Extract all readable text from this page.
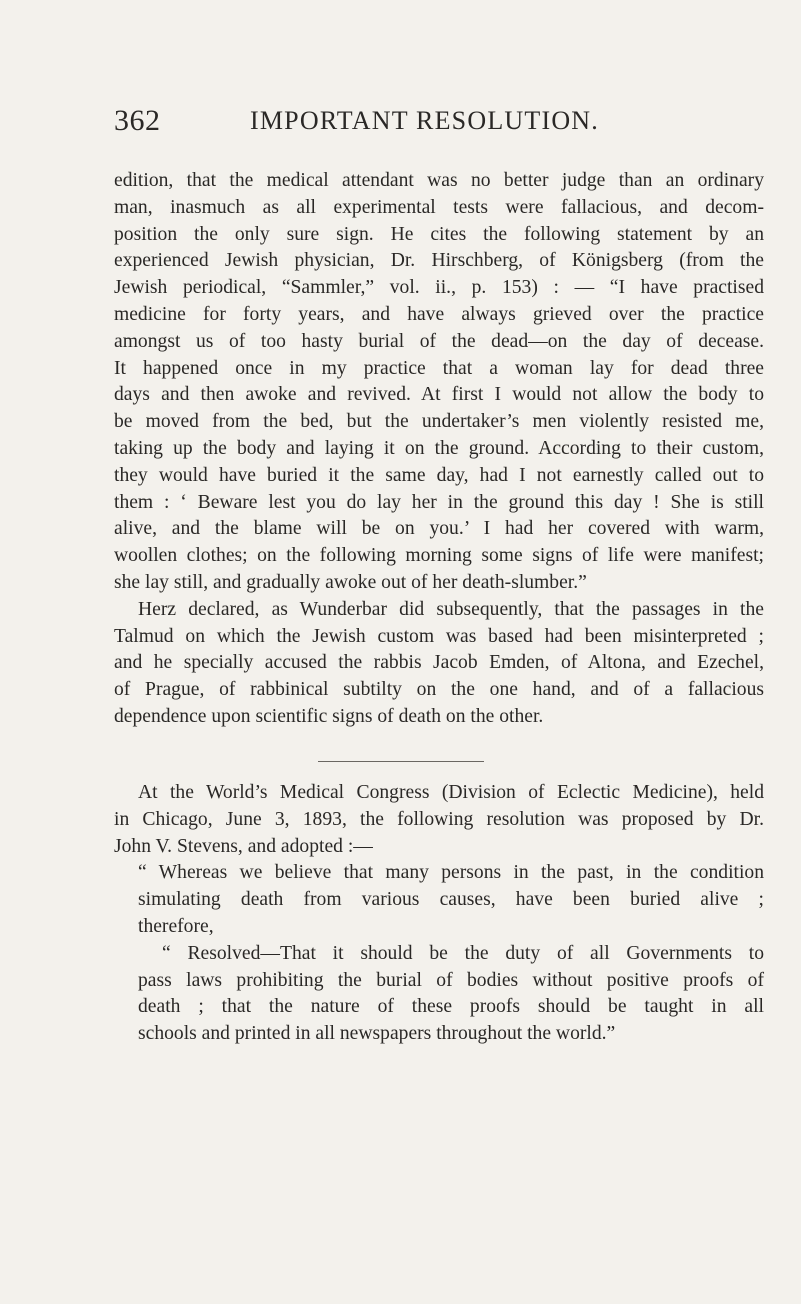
362	IMPORTANT RESOLUTION.
edition, that the medical attendant was no better judge than an ordinary
man, inasmuch as all experimental tests were fallacious, and decom-
position the only sure sign. He cites the following statement by an
experienced Jewish physician, Dr. Hirschberg, of Königsberg (from the
Jewish periodical, “Sammler,” vol. ii., p. 153) : — “I have practised
medicine for forty years, and have always grieved over the practice
amongst us of too hasty burial of the dead—on the day of decease.
It happened once in my practice that a woman lay for dead three
days and then awoke and revived. At first I would not allow the body to
be moved from the bed, but the undertaker’s men violently resisted me,
taking up the body and laying it on the ground. According to their custom,
they would have buried it the same day, had I not earnestly called out to
them : ‘ Beware lest you do lay her in the ground this day ! She is still
alive, and the blame will be on you.’ I had her covered with warm,
woollen clothes; on the following morning some signs of life were manifest;
she lay still, and gradually awoke out of her death-slumber.”
Herz declared, as Wunderbar did subsequently, that the passages in the
Talmud on which the Jewish custom was based had been misinterpreted ;
and he specially accused the rabbis Jacob Emden, of Altona, and Ezechel,
of Prague, of rabbinical subtilty on the one hand, and of a fallacious
dependence upon scientific signs of death on the other.
At the World’s Medical Congress (Division of Eclectic Medicine), held
in Chicago, June 3, 1893, the following resolution was proposed by Dr.
John V. Stevens, and adopted :—
“ Whereas we believe that many persons in the past, in the condition
simulating death from various causes, have been buried alive ;
therefore,
“ Resolved—That it should be the duty of all Governments to
pass laws prohibiting the burial of bodies without positive proofs of
death ; that the nature of these proofs should be taught in all
schools and printed in all newspapers throughout the world.”
